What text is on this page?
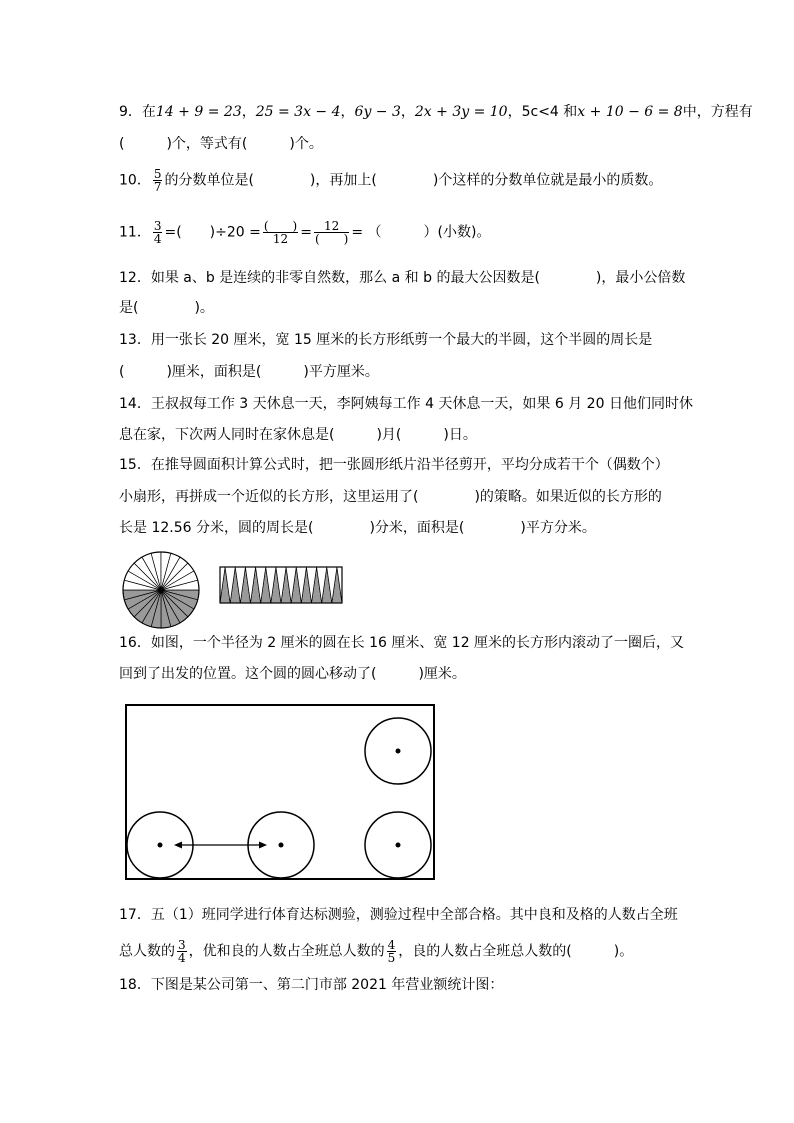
9．在14 + 9 = 23，25 = 3x − 4，6y − 3，2x + 3y = 10，5c<4 和x + 10 − 6 = 8中，方程有
(　　　)个，等式有(　　　)个。
10． $\frac{5}{7}$ 的分数单位是(　　　　)，再加上(　　　　)个这样的分数单位就是最小的质数。
11． $\frac{3}{4}$ =(　　)$\div 20 = \frac{( )}{12} = \frac{12}{( )}$ = （　　　）(小数)。
12．如果 a、b 是连续的非零自然数，那么 a 和 b 的最大公因数是(　　　　)，最小公倍数
是(　　　　)。
13．用一张长 20 厘米，宽 15 厘米的长方形纸剪一个最大的半圆，这个半圆的周长是
(　　　)厘米，面积是(　　　)平方厘米。
14．王叔叔每工作 3 天休息一天，李阿姨每工作 4 天休息一天，如果 6 月 20 日他们同时休
息在家，下次两人同时在家休息是(　　　)月(　　　)日。
15．在推导圆面积计算公式时，把一张圆形纸片沿半径剪开，平均分成若干个（偶数个）
小扇形，再拼成一个近似的长方形，这里运用了(　　　　)的策略。如果近似的长方形的
长是 12.56 分米，圆的周长是(　　　　)分米，面积是(　　　　)平方分米。
16．如图，一个半径为 2 厘米的圆在长 16 厘米、宽 12 厘米的长方形内滚动了一圈后，又
回到了出发的位置。这个圆的圆心移动了(　　　)厘米。
17．五（1）班同学进行体育达标测验，测验过程中全部合格。其中良和及格的人数占全班
总人数的 $\frac{3}{4}$ ，优和良的人数占全班总人数的 $\frac{4}{5}$ ，良的人数占全班总人数的(　　　)。
18．下图是某公司第一、第二门市部 2021 年营业额统计图：
